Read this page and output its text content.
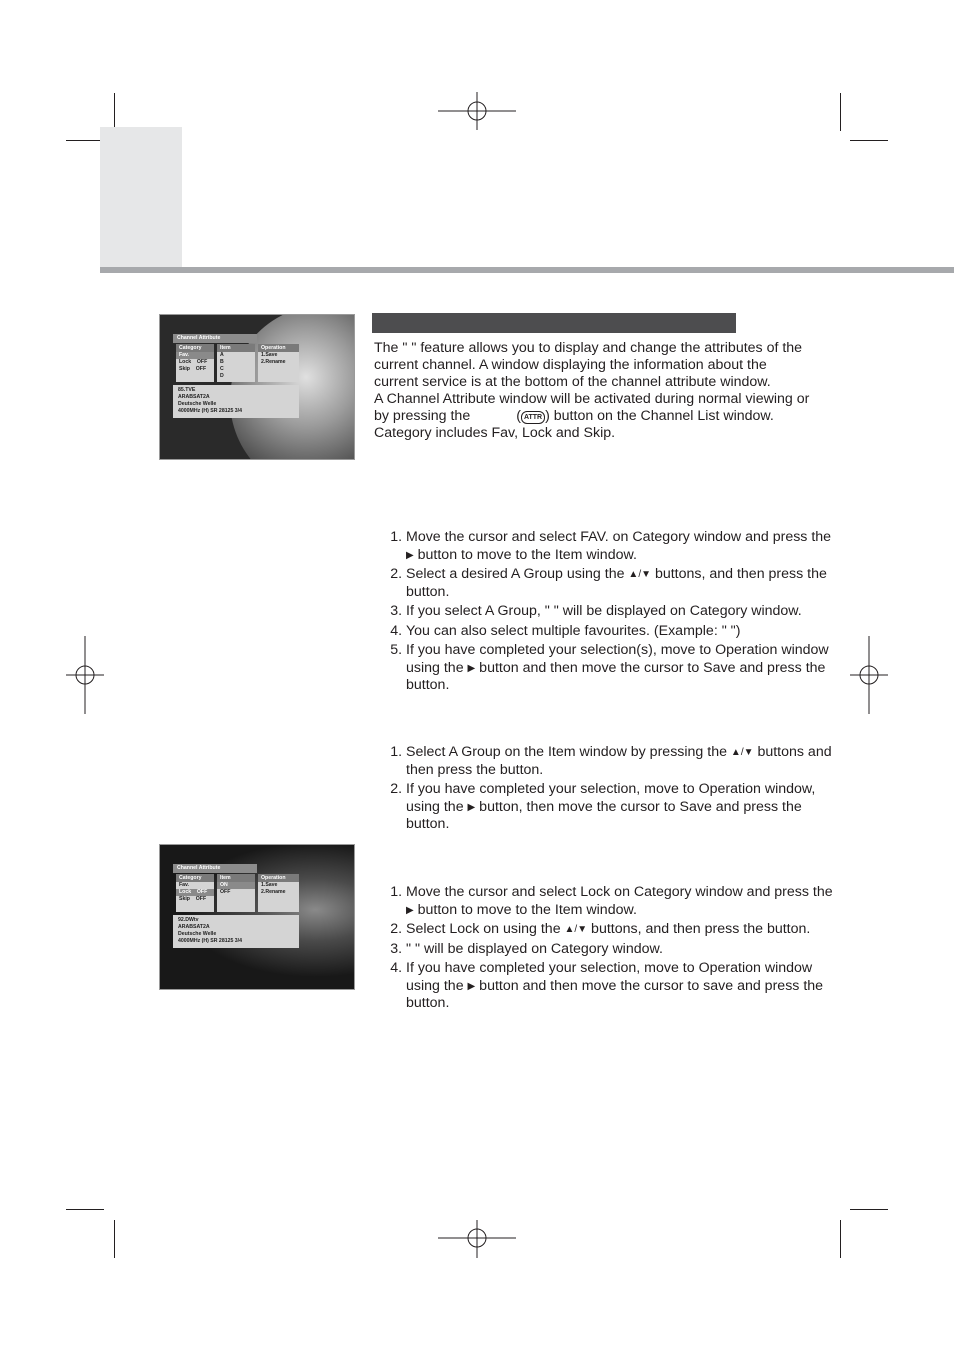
The " " feature allows you to display and change the attributes of the current channel. A window displaying the information about the current service is at the bottom of the channel attribute window.

A Channel Attribute window will be activated during normal viewing or by pressing the	( ATTR ) button on the Channel List window.

Category includes Fav, Lock and Skip.

1. Move the cursor and select FAV. on Category window and press the ▶ button to move to the Item window.
2. Select a desired A Group using the ▲/▼ buttons, and then press the button.
3. If you select A Group, " " will be displayed on Category window.
4. You can also select multiple favourites. (Example: " ")
5. If you have completed your selection(s), move to Operation window using the ▶ button and then move the cursor to Save and press the button.
1. Select A Group on the Item window by pressing the ▲/▼ buttons and then press the button.
2. If you have completed your selection, move to Operation window, using the ▶ button, then move the cursor to Save and press the button.
1. Move the cursor and select Lock on Category window and press the ▶ button to move to the Item window.
2. Select Lock on using the ▲/▼ buttons, and then press the button.
3. " " will be displayed on Category window.
4. If you have completed your selection, move to Operation window using the ▶ button and then move the cursor to save and press the button.
Channel Attribute
Category
Fav.
Lock OFF
Skip OFF
Item
A
B
C
D
Operation
1.Save
2.Rename
85.TVE
ARABSAT2A
Deutsche Welle
4000MHz (H) SR 28125 3/4
Channel Attribute
Category
Fav.
Lock OFF
Skip OFF
Item
ON
OFF
Operation
1.Save
2.Rename
92.DWtv
ARABSAT2A
Deutsche Welle
4000MHz (H) SR 28125 3/4
